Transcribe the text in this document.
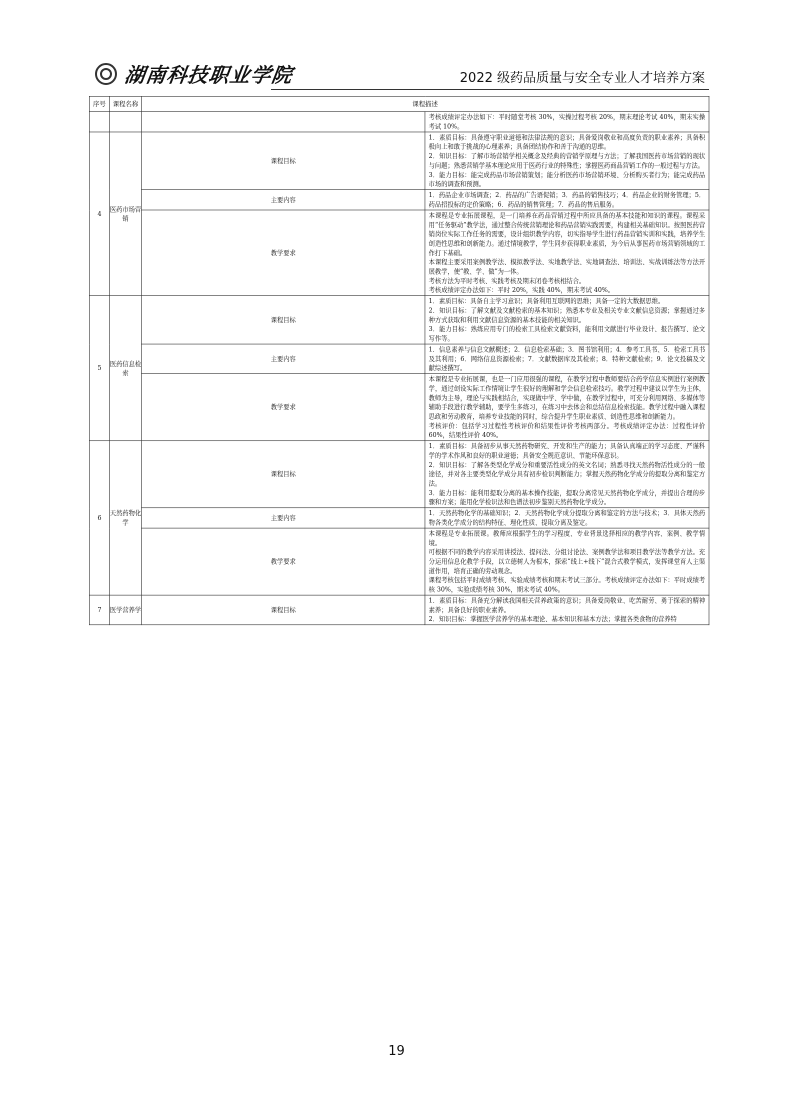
湖南科技职业学院	2022 级药品质量与安全专业人才培养方案
序号	课程名称	课程描述	
			考核成绩评定办法如下：平时随堂考核 30%，实操过程考核 20%，期末理论考试 40%，期末实操考试 10%。
4	医药市场营销	课程目标	1．素质目标：具备遵守职业道德和法律法规的意识；具备爱岗敬业和高度负责的职业素养；具备积极向上和敢于挑战的心理素养；具备团结协作和善于沟通的思维。

2．知识目标：了解市场营销学相关概念及经典的营销学原理与方法；了解我国医药市场营销的现状与问题；熟悉营销学基本理论应用于医药行业的特殊性；掌握医药商品营销工作的一般过程与方法。

3．能力目标：能完成药品市场营销策划；能分析医药市场营销环境、分析购买者行为；能完成药品市场的调查和预测。

		主要内容	1．药品企业市场调查；2．药品的广告语促销；3．药品的销售技巧；4．药品企业的财务管理；5．药品招投标的定价策略；6．药品的销售管理；7．药品的售后服务。

		教学要求	本课程是专业拓展课程，是一门培养在药品营销过程中所应具备的基本技能和知识的课程。课程采用“任务驱动”教学法，通过整合传统营销理论和药品营销实践需要，构建相关基础知识。按照医药营销岗位实际工作任务的需要，设计组织教学内容，切实指导学生进行药品营销实训和实践，培养学生创造性思维和创新能力。通过情境教学，学生同步获得职业素质，为今后从事医药市场营销领域的工作打下基础。

本课程主要采用案例教学法、模拟教学法、实地教学法、实地调查法、培训法、实战训练法等方法开展教学，使“教、学、做”为一体。

考核方法为平时考核、实践考核及期末闭卷考核相结合。

考核成绩评定办法如下：平时 20%，实践 40%，期末考试 40%。

5	医药信息检索	课程目标	1．素质目标：具备自主学习意识；具备利用互联网的思维；具备一定的大数据思维。

2．知识目标：了解文献及文献检索的基本知识；熟悉本专业及相关专业文献信息资源；掌握通过多种方式获取和利用文献信息资源的基本技能的相关知识。

3．能力目标：熟练应用专门的检索工具检索文献资料，能利用文献进行毕业设计、报告撰写、论文写作等。

		主要内容	1．信息素养与信息文献概述；2．信息检索基础；3．图书馆利用；4．参考工具书、5．检索工具书及其利用；6．网络信息资源检索；7．文献数据库及其检索；8．特种文献检索；9．论文投稿及文献综述撰写。

		教学要求	本课程是专业拓展课，也是一门应用很强的课程，在教学过程中教师要结合药学信息实例进行案例教学，通过创设实际工作情境让学生很好的理解和学会信息检索技巧。教学过程中建议以学生为主体，教师为主导，理论与实践相结合，实现做中学、学中做，在教学过程中，可充分利用网络、多媒体等辅助手段进行教学辅助，要学生多练习，在练习中去体会和总结信息检索技能。教学过程中融入课程思政和劳动教育，培养专业技能的同时，综合提升学生职业素质、创造性思维和创新能力。

考核评价：包括学习过程性考核评价和结果性评价考核两部分。考核成绩评定办法：过程性评价 60%，结果性评价 40%。

6	天然药物化学	课程目标	1．素质目标：具备初步从事天然药物研究、开发和生产的能力；具备认真端正的学习态度、严谨科学的学术作风和良好的职业道德；具备安全规范意识、节能环保意识。

2．知识目标：了解各类型化学成分和重要活性成分的英文名词；熟悉寻找天然药物活性成分的一般途径，并对各主要类型化学成分具有初步检识判断能力；掌握天然药物化学成分的提取分离和鉴定方法。

3．能力目标：能利用提取分离的基本操作技能，提取分离常见天然药物化学成分，并提出合理的步骤和方案；能用化学检识法和色谱法初步鉴别天然药物化学成分。

		主要内容	1．天然药物化学的基础知识；2．天然药物化学成分提取分离和鉴定的方法与技术；3．具体天然药物各类化学成分的结构特征、理化性质、提取分离及鉴定。

		教学要求	本课程是专业拓展课。教师应根据学生的学习程度、专业背景选择相应的教学内容、案例、教学情境。

可根据不同的教学内容采用讲授法、提问法、分组讨论法、案例教学法和项目教学法等教学方法。充分运用信息化教学手段，以立德树人为根本，探索“线上+线下”混合式教学模式，发挥课堂育人主渠道作用，培育正确的劳动观念。

课程考核包括平时成绩考核、实验成绩考核和期末考试三部分。考核成绩评定办法如下：平时成绩考核 30%，实验成绩考核 30%，期末考试 40%。

7	医学营养学	课程目标	1．素质目标：具备充分解读我国相关营养政策的意识；具备爱岗敬业、吃苦耐劳、勇于探索的精神素养；具备良好的职业素养。

2．知识目标：掌握医学营养学的基本理论、基本知识和基本方法；掌握各类食物的营养特

19
